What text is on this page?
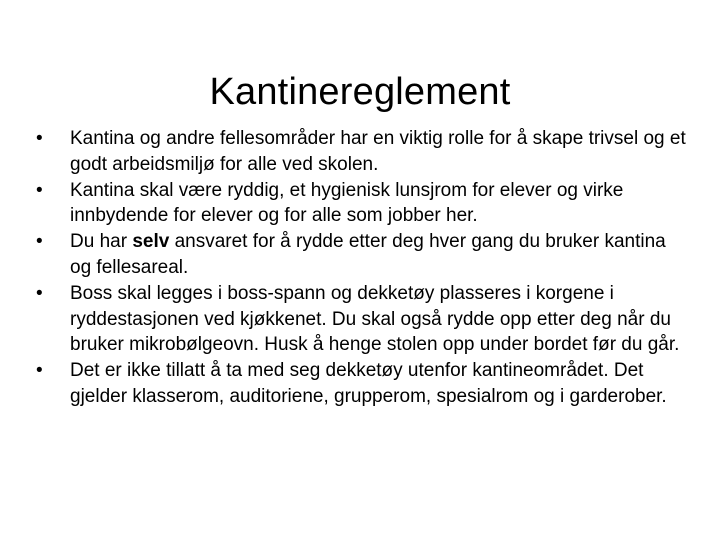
Kantinereglement
•	Kantina og andre fellesområder har en viktig rolle for å skape trivsel og et godt arbeidsmiljø for alle ved skolen.
•	Kantina skal være ryddig, et hygienisk lunsjrom for elever og virke innbydende for elever og for alle som jobber her.
•	Du har selv ansvaret for å rydde etter deg hver gang du bruker kantina og fellesareal.
•	Boss skal legges i boss-spann og dekketøy plasseres i korgene i ryddestasjonen ved kjøkkenet. Du skal også rydde opp etter deg når du bruker mikrobølgeovn. Husk å henge stolen opp under bordet før du går.
•	Det er ikke tillatt å ta med seg dekketøy utenfor kantineområdet. Det gjelder klasserom, auditoriene, grupperom, spesialrom og i garderober.
